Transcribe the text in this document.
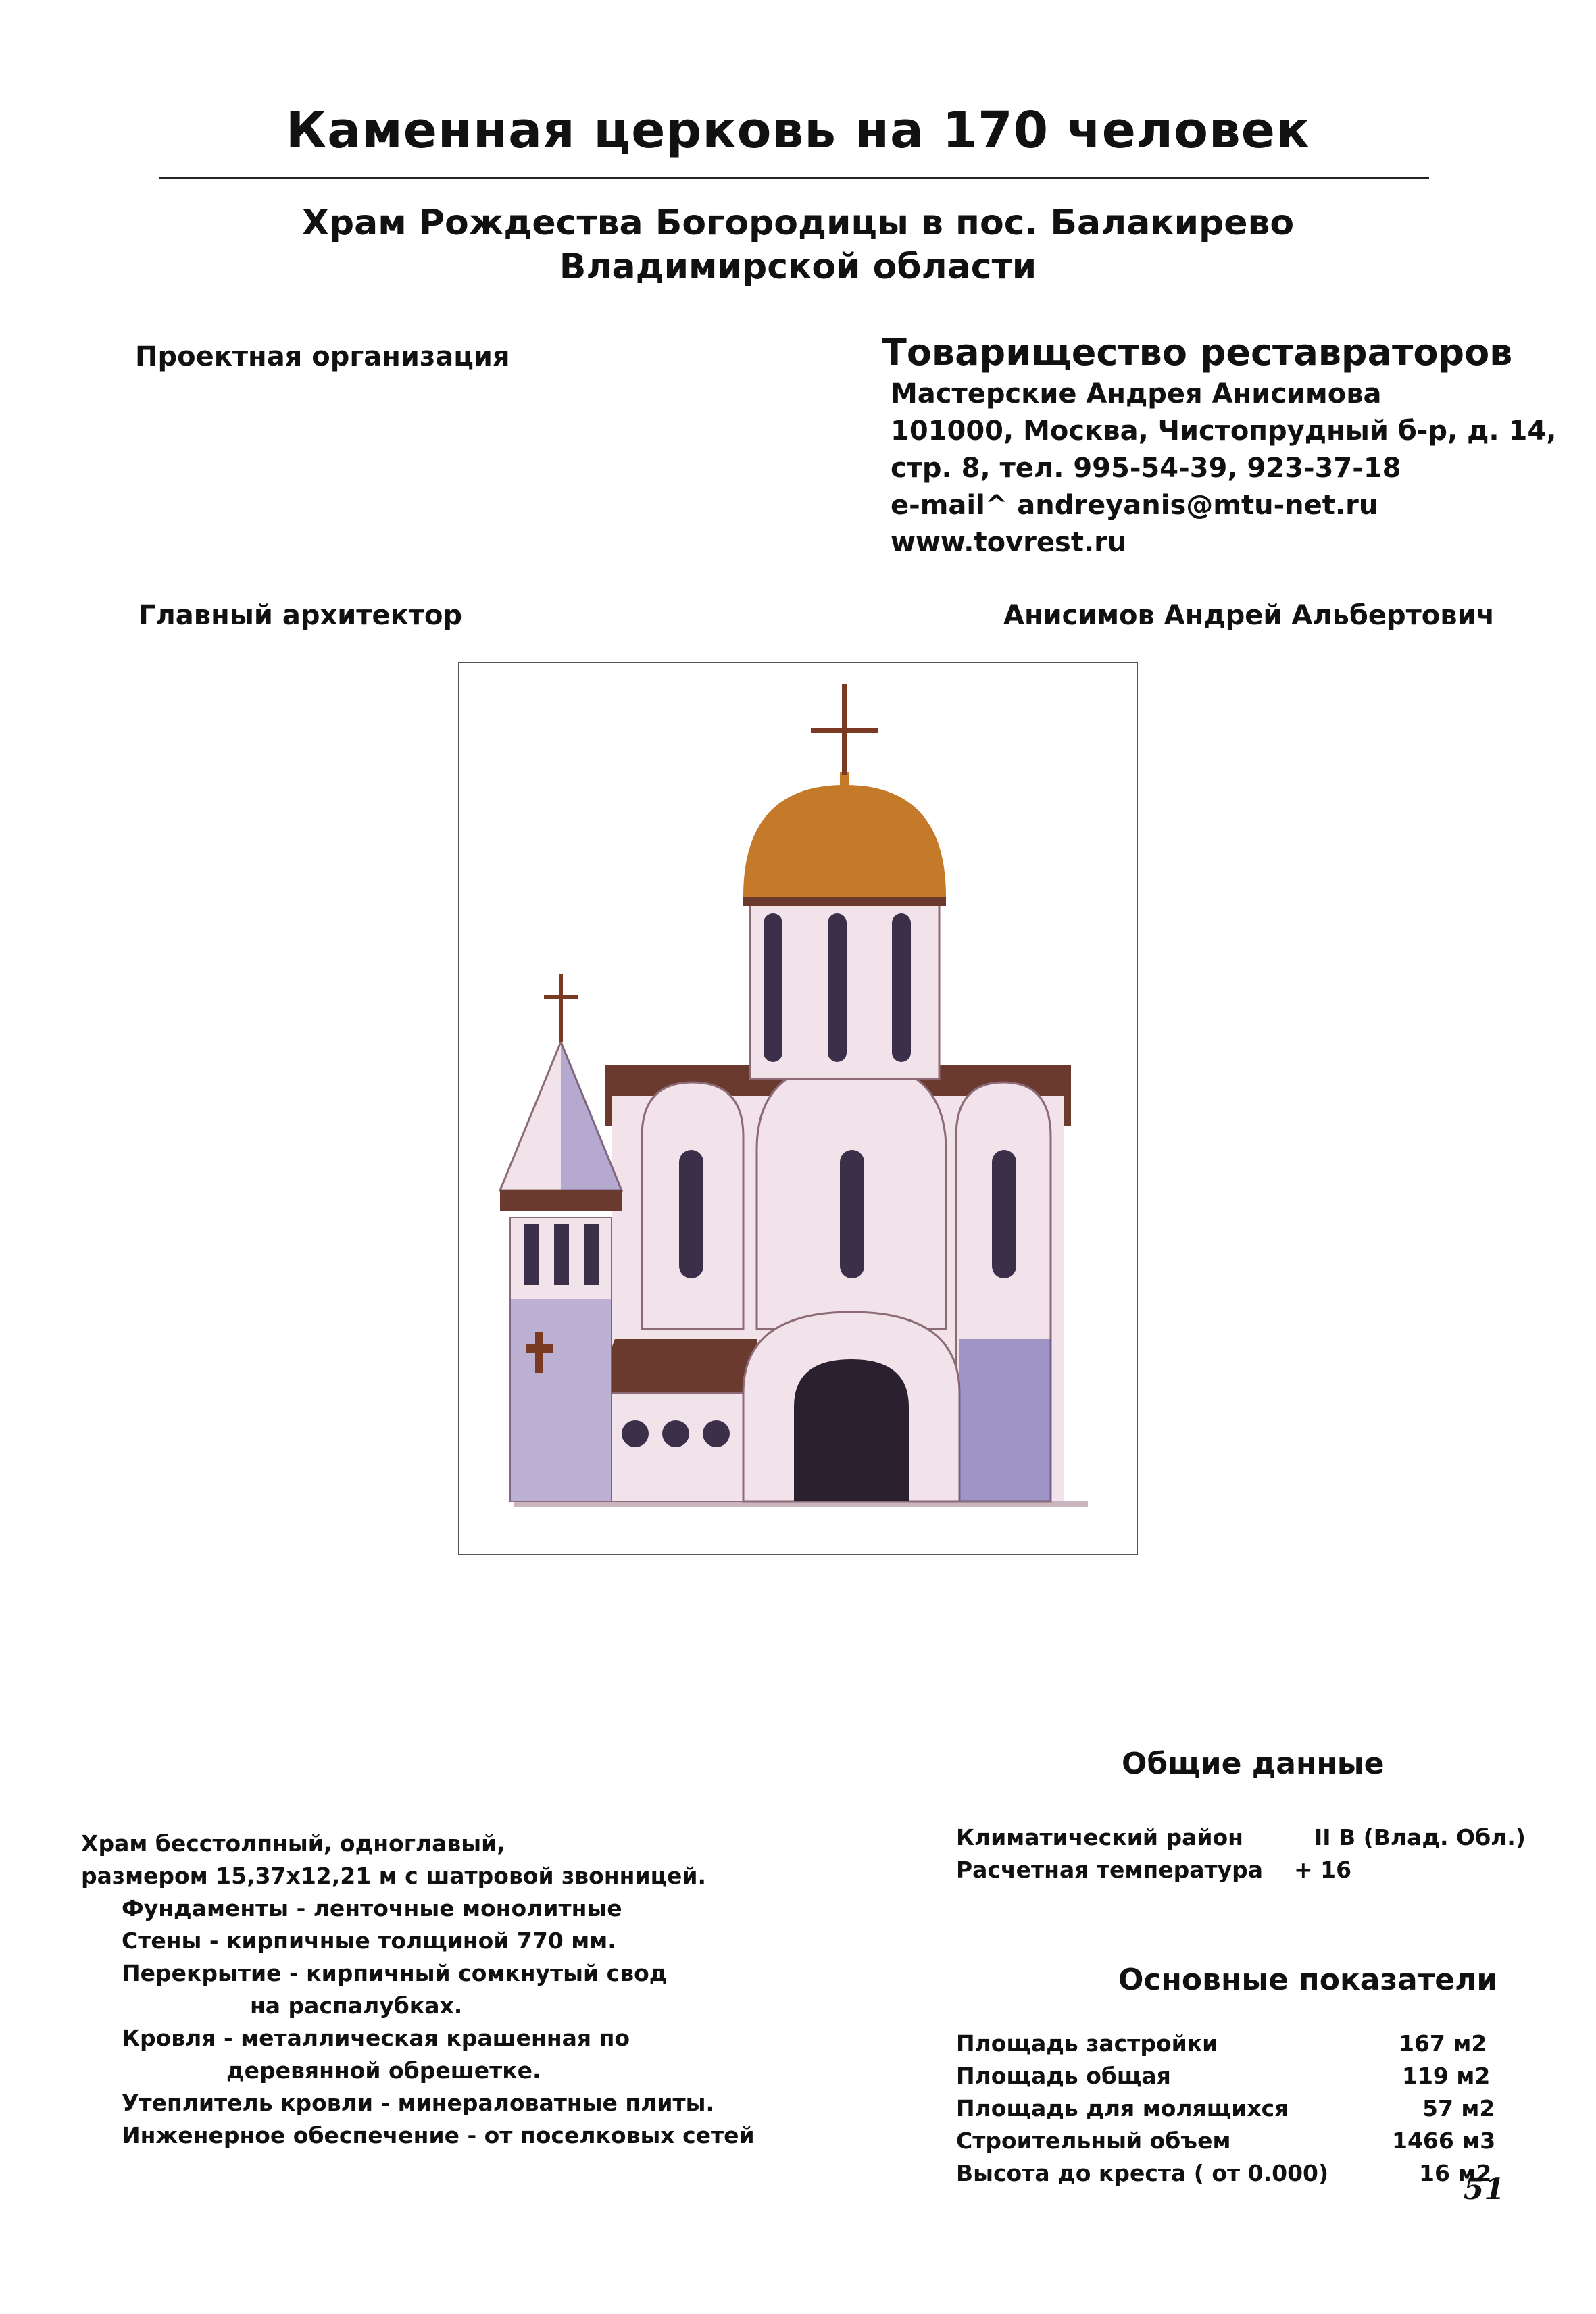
Каменная церковь на 170 человек
Храм Рождества Богородицы в пос. Балакирево
Владимирской области
Проектная организация	Товарищество реставраторов
Мастерские Андрея Анисимова
101000, Москва, Чистопрудный б-р, д. 14,
стр. 8, тел. 995-54-39, 923-37-18
e-mail^ andreyanis@mtu-net.ru
www.tovrest.ru
Главный архитектор	Анисимов Андрей Альбертович
Храм бесстолпный, одноглавый,
размером 15,37х12,21 м с шатровой звонницей.
Фундаменты - ленточные монолитные
Стены - кирпичные толщиной 770 мм.
Перекрытие - кирпичный сомкнутый свод
на распалубках.
Кровля - металлическая крашенная по
деревянной обрешетке.
Утеплитель кровли - минераловатные плиты.
Инженерное обеспечение - от поселковых сетей
Общие данные
Климатический район	II В (Влад. Обл.)
Расчетная температура + 16
Основные показатели
Площадь застройки	167 м2
Площадь общая	119 м2
Площадь для молящихся	57 м2
Строительный объем	1466 м3
Высота до креста ( от 0.000)	16 м2
51
